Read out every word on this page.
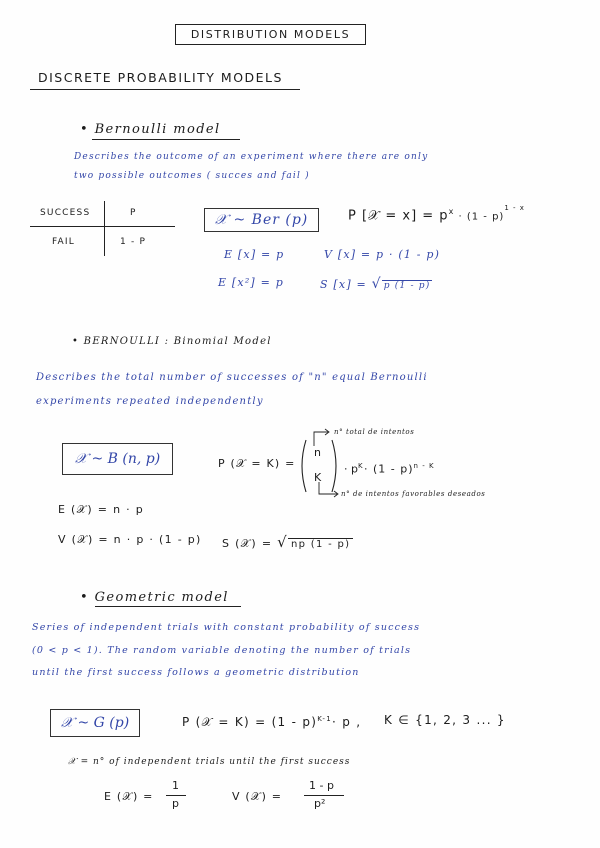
DISTRIBUTION MODELS
DISCRETE PROBABILITY MODELS
• Bernoulli model
Describes the outcome of an experiment where there are only
two possible outcomes ( succes and fail )
SUCCESS	P
FAIL	1 - P
𝒳 ~ Ber (p)	P [𝒳 = $x] = p^x \cdot (1 - p)^{1 - x}$
E [x] = p	V [x] = p · (1 - p)
E [x²] = p	S [x] = √ p (1 - p)
• BERNOULLI : Binomial Model
Describes the total number of successes of "n" equal Bernoulli
experiments repeated independently
𝒳 ~ B (n, p)	P (𝒳 = K) =
n
K
· $p^K \cdot (1 - p)^{n - K}$
n° total de intentos
n° de intentos favorables deseados
E (𝒳) = n · p
V (𝒳) = n · p · (1 - p) S (𝒳) = √ np (1 - p)
• Geometric model
Series of independent trials with constant probability of success
(0 < p < 1). The random variable denoting the number of trials
until the first success follows a geometric distribution
𝒳 ~ G (p)	P (𝒳 = K) = (1 - p)$^{K-1}$· p , K ∈ {1, 2, 3 ... }
𝒳 = n° of independent trials until the first success
E (𝒳) =
1
p
V (𝒳) =
1 - p
p²
